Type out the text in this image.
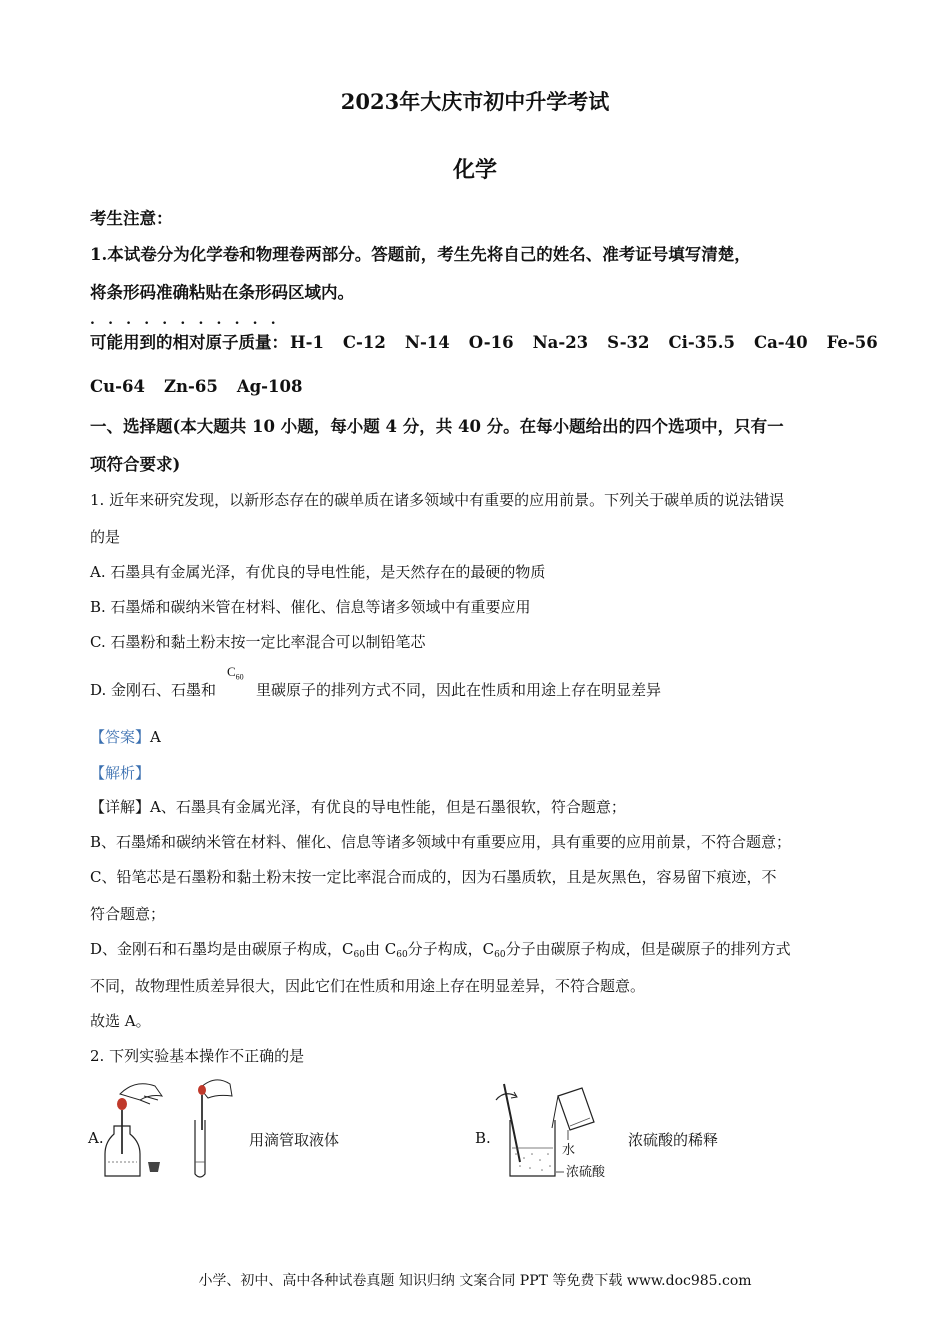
2023年大庆市初中升学考试
化学
考生注意：
1.本试卷分为化学卷和物理卷两部分。答题前，考生先将自己的姓名、准考证号填写清楚，
将条形码准确粘贴在条形码区域内。
...........
可能用到的相对原子质量： H-1 C-12 N-14 O-16 Na-23 S-32 Ci-35.5 Ca-40 Fe-56
Cu-64 Zn-65 Ag-108
一、选择题(本大题共 10 小题，每小题 4 分，共 40 分。在每小题给出的四个选项中，只有一
项符合要求)
1. 近年来研究发现，以新形态存在的碳单质在诸多领域中有重要的应用前景。下列关于碳单质的说法错误
的是
A. 石墨具有金属光泽，有优良的导电性能，是天然存在的最硬的物质
B. 石墨烯和碳纳米管在材料、催化、信息等诸多领域中有重要应用
C. 石墨粉和黏土粉末按一定比率混合可以制铅笔芯
D. 金刚石、石墨和
$C_{60}$
里碳原子的排列方式不同，因此在性质和用途上存在明显差异
【答案】A
【解析】
【详解】A、石墨具有金属光泽，有优良的导电性能，但是石墨很软，符合题意；
B、石墨烯和碳纳米管在材料、催化、信息等诸多领域中有重要应用，具有重要的应用前景，不符合题意；
C、铅笔芯是石墨粉和黏土粉末按一定比率混合而成的，因为石墨质软，且是灰黑色，容易留下痕迹，不
符合题意；
D、金刚石和石墨均是由碳原子构成，$C_{60}$由 $C_{60}$分子构成，$C_{60}$分子由碳原子构成，但是碳原子的排列方式
不同，故物理性质差异很大，因此它们在性质和用途上存在明显差异，不符合题意。
故选 A。
2. 下列实验基本操作不正确的是
A.	用滴管取液体	B.	浓硫酸的稀释
水
浓硫酸
小学、初中、高中各种试卷真题 知识归纳 文案合同 PPT 等免费下载 www.doc985.com
